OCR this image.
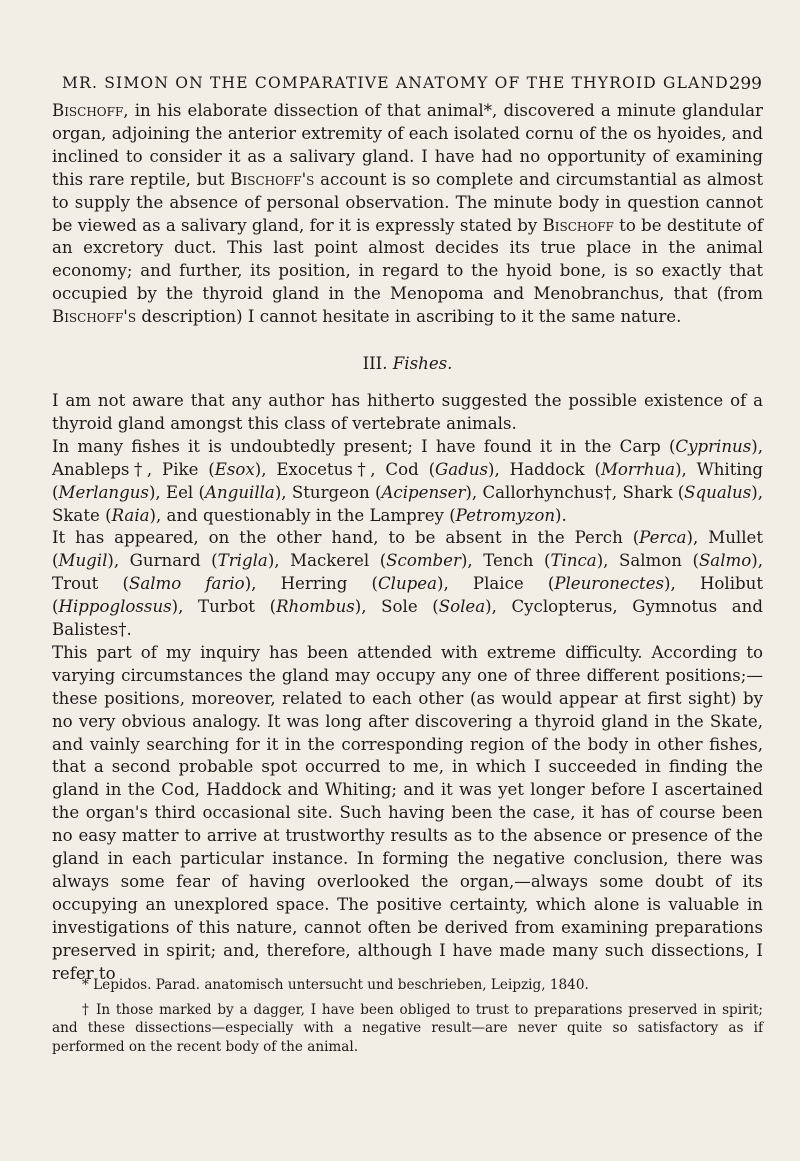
MR. SIMON ON THE COMPARATIVE ANATOMY OF THE THYROID GLAND.
299

Bischoff, in his elaborate dissection of that animal*, discovered a minute glandular organ, adjoining the anterior extremity of each isolated cornu of the os hyoides, and inclined to consider it as a salivary gland. I have had no opportunity of examining this rare reptile, but Bischoff's account is so complete and circumstantial as almost to supply the absence of personal observation. The minute body in question cannot be viewed as a salivary gland, for it is expressly stated by Bischoff to be destitute of an excretory duct. This last point almost decides its true place in the animal economy; and further, its position, in regard to the hyoid bone, is so exactly that occupied by the thyroid gland in the Menopoma and Menobranchus, that (from Bischoff's description) I cannot hesitate in ascribing to it the same nature.

III. Fishes.

I am not aware that any author has hitherto suggested the possible existence of a thyroid gland amongst this class of vertebrate animals.

In many fishes it is undoubtedly present; I have found it in the Carp (Cyprinus), Anableps†, Pike (Esox), Exocetus†, Cod (Gadus), Haddock (Morrhua), Whiting (Merlangus), Eel (Anguilla), Sturgeon (Acipenser), Callorhynchus†, Shark (Squalus), Skate (Raia), and questionably in the Lamprey (Petromyzon).

It has appeared, on the other hand, to be absent in the Perch (Perca), Mullet (Mugil), Gurnard (Trigla), Mackerel (Scomber), Tench (Tinca), Salmon (Salmo), Trout (Salmo fario), Herring (Clupea), Plaice (Pleuronectes), Holibut (Hippoglossus), Turbot (Rhombus), Sole (Solea), Cyclopterus, Gymnotus and Balistes†.

This part of my inquiry has been attended with extreme difficulty. According to varying circumstances the gland may occupy any one of three different positions;— these positions, moreover, related to each other (as would appear at first sight) by no very obvious analogy. It was long after discovering a thyroid gland in the Skate, and vainly searching for it in the corresponding region of the body in other fishes, that a second probable spot occurred to me, in which I succeeded in finding the gland in the Cod, Haddock and Whiting; and it was yet longer before I ascertained the organ's third occasional site. Such having been the case, it has of course been no easy matter to arrive at trustworthy results as to the absence or presence of the gland in each particular instance. In forming the negative conclusion, there was always some fear of having overlooked the organ,—always some doubt of its occupying an unexplored space. The positive certainty, which alone is valuable in investigations of this nature, cannot often be derived from examining preparations preserved in spirit; and, therefore, although I have made many such dissections, I refer to

* Lepidos. Parad. anatomisch untersucht und beschrieben, Leipzig, 1840.

† In those marked by a dagger, I have been obliged to trust to preparations preserved in spirit; and these dissections—especially with a negative result—are never quite so satisfactory as if performed on the recent body of the animal.
